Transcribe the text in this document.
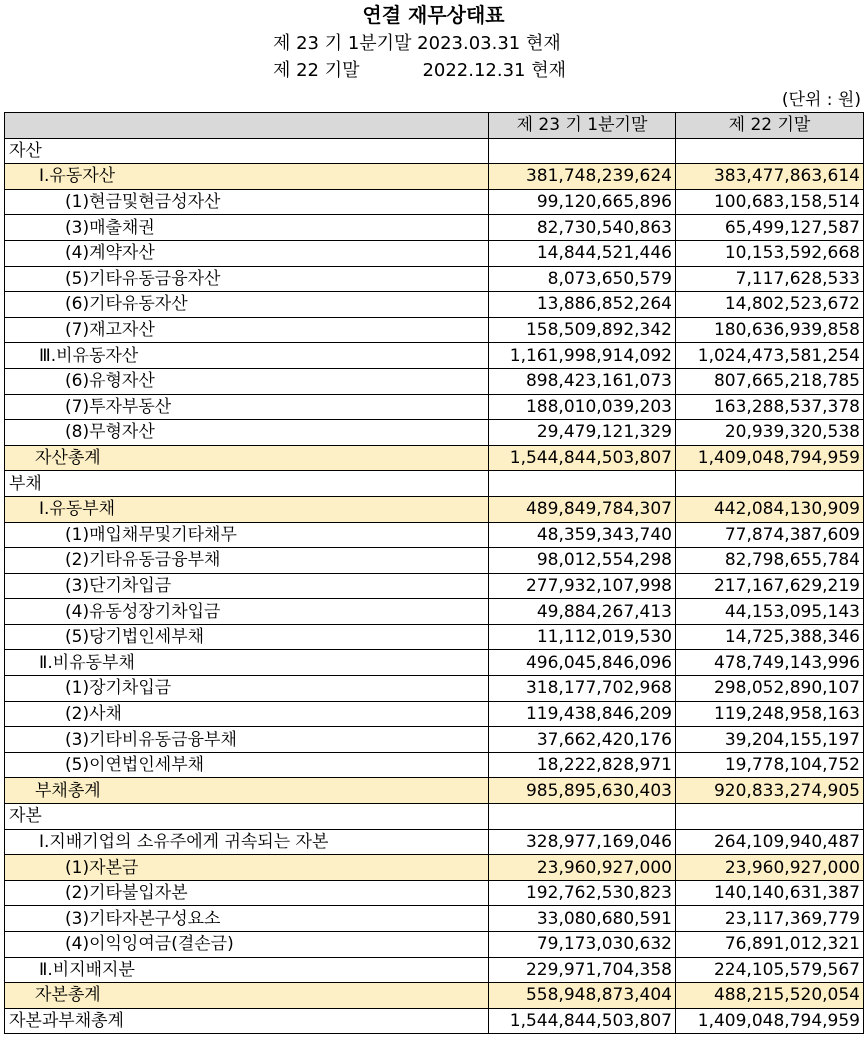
연결 재무상태표
제 23 기 1분기말 2023.03.31 현재
제 22 기말           2022.12.31 현재
(단위 : 원)
	제 23 기 1분기말	제 22 기말
자산		
Ⅰ.유동자산	381,748,239,624	383,477,863,614
(1)현금및현금성자산	99,120,665,896	100,683,158,514
(3)매출채권	82,730,540,863	65,499,127,587
(4)계약자산	14,844,521,446	10,153,592,668
(5)기타유동금융자산	8,073,650,579	7,117,628,533
(6)기타유동자산	13,886,852,264	14,802,523,672
(7)재고자산	158,509,892,342	180,636,939,858
Ⅲ.비유동자산	1,161,998,914,092	1,024,473,581,254
(6)유형자산	898,423,161,073	807,665,218,785
(7)투자부동산	188,010,039,203	163,288,537,378
(8)무형자산	29,479,121,329	20,939,320,538
자산총계	1,544,844,503,807	1,409,048,794,959
부채		
Ⅰ.유동부채	489,849,784,307	442,084,130,909
(1)매입채무및기타채무	48,359,343,740	77,874,387,609
(2)기타유동금융부채	98,012,554,298	82,798,655,784
(3)단기차입금	277,932,107,998	217,167,629,219
(4)유동성장기차입금	49,884,267,413	44,153,095,143
(5)당기법인세부채	11,112,019,530	14,725,388,346
Ⅱ.비유동부채	496,045,846,096	478,749,143,996
(1)장기차입금	318,177,702,968	298,052,890,107
(2)사채	119,438,846,209	119,248,958,163
(3)기타비유동금융부채	37,662,420,176	39,204,155,197
(5)이연법인세부채	18,222,828,971	19,778,104,752
부채총계	985,895,630,403	920,833,274,905
자본		
Ⅰ.지배기업의 소유주에게 귀속되는 자본	328,977,169,046	264,109,940,487
(1)자본금	23,960,927,000	23,960,927,000
(2)기타불입자본	192,762,530,823	140,140,631,387
(3)기타자본구성요소	33,080,680,591	23,117,369,779
(4)이익잉여금(결손금)	79,173,030,632	76,891,012,321
Ⅱ.비지배지분	229,971,704,358	224,105,579,567
자본총계	558,948,873,404	488,215,520,054
자본과부채총계	1,544,844,503,807	1,409,048,794,959
